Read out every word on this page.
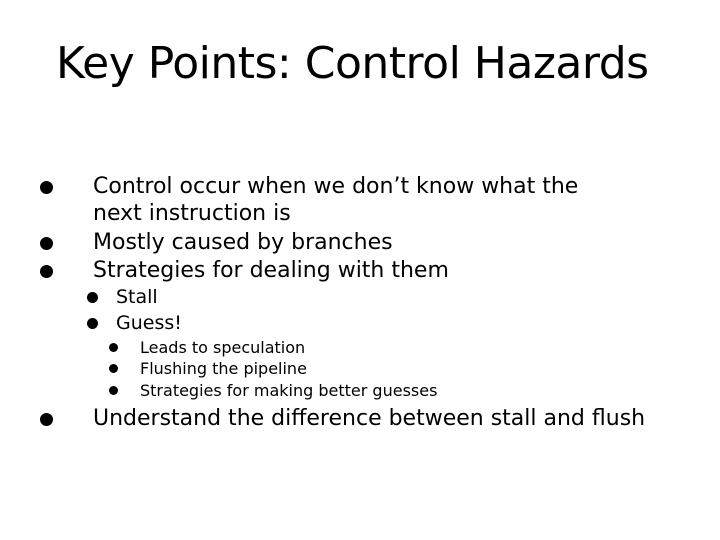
Key Points: Control Hazards
Control occur when we don’t know what the
next instruction is
Mostly caused by branches
Strategies for dealing with them
Stall
Guess!
Leads to speculation
Flushing the pipeline
Strategies for making better guesses
Understand the difference between stall and flush
